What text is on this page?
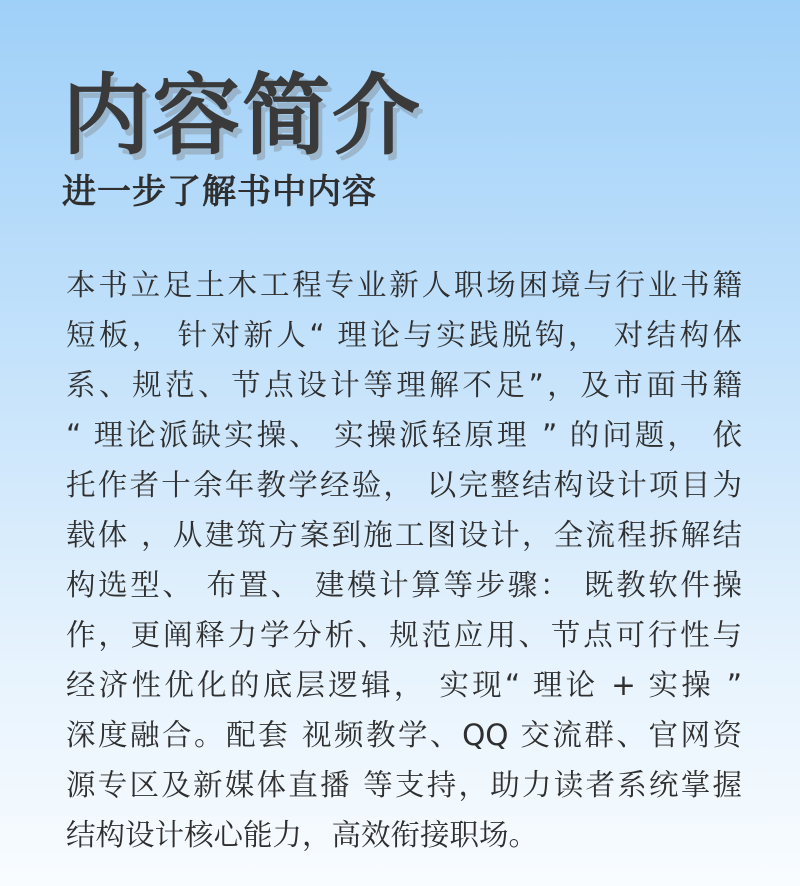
内容简介
进一步了解书中内容
本书立足土木工程专业新人职场困境与行业书籍
短板， 针对新人“ 理论与实践脱钩， 对结构体
系、规范、节点设计等理解不足”，及市面书籍
“ 理论派缺实操、 实操派轻原理 ” 的问题， 依
托作者十余年教学经验， 以完整结构设计项目为
载体 ，从建筑方案到施工图设计，全流程拆解结
构选型、 布置、 建模计算等步骤： 既教软件操
作，更阐释力学分析、规范应用、节点可行性与
经济性优化的底层逻辑， 实现“ 理论 + 实操 ”
深度融合。配套 视频教学、QQ 交流群、官网资
源专区及新媒体直播 等支持，助力读者系统掌握
结构设计核心能力，高效衔接职场。
